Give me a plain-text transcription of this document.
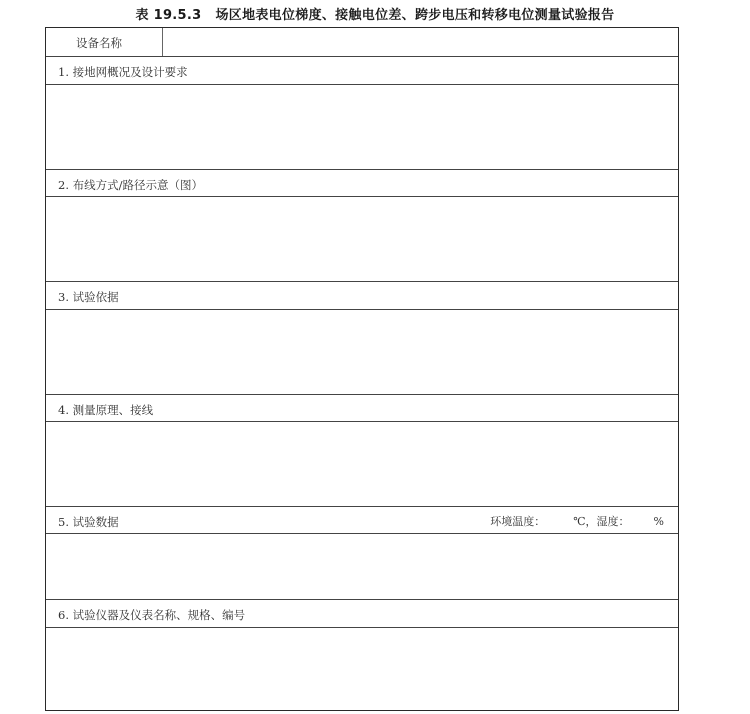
表 19.5.3 场区地表电位梯度、接触电位差、跨步电压和转移电位测量试验报告
设备名称
1. 接地网概况及设计要求
2. 布线方式/路径示意（图）
3. 试验依据
4. 测量原理、接线
5. 试验数据	环境温度：	℃，湿度： %
6. 试验仪器及仪表名称、规格、编号
